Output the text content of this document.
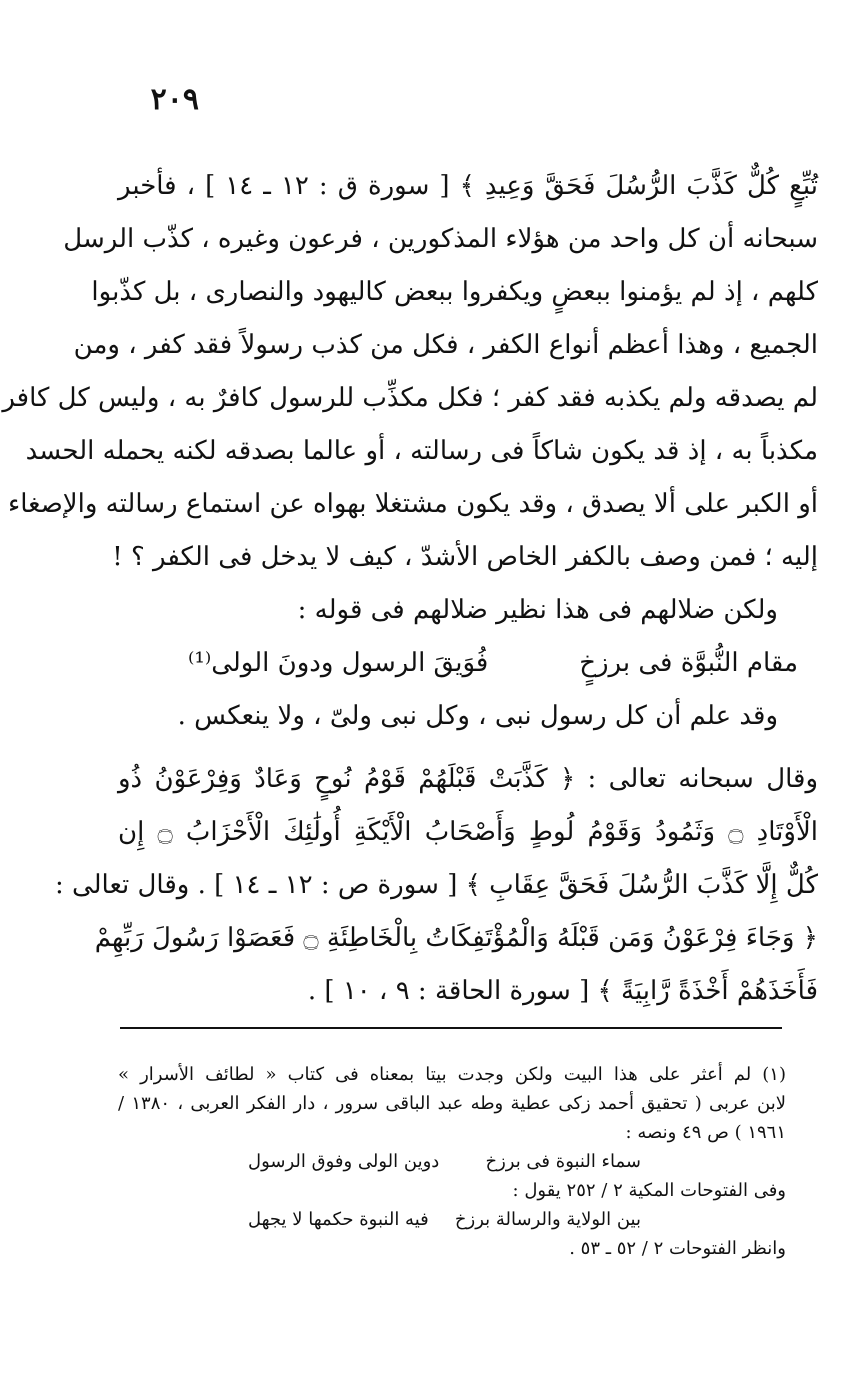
٢٠٩
تُبِّعٍ كُلٌّ كَذَّبَ الرُّسُلَ فَحَقَّ وَعِيدِ ﴾ [ سورة ق : ١٢ ـ ١٤ ] ، فأخبر
سبحانه أن كل واحد من هؤلاء المذكورين ، فرعون وغيره ، كذّب الرسل
كلهم ، إذ لم يؤمنوا ببعضٍ ويكفروا ببعض كاليهود والنصارى ، بل كذّبوا
الجميع ، وهذا أعظم أنواع الكفر ، فكل من كذب رسولاً فقد كفر ، ومن
لم يصدقه ولم يكذبه فقد كفر ؛ فكل مكذِّب للرسول كافرٌ به ، وليس كل كافر
مكذباً به ، إذ قد يكون شاكاً فى رسالته ، أو عالما بصدقه لكنه يحمله الحسد
أو الكبر على ألا يصدق ، وقد يكون مشتغلا بهواه عن استماع رسالته والإصغاء
إليه ؛ فمن وصف بالكفر الخاص الأشدّ ، كيف لا يدخل فى الكفر ؟ !
ولكن ضلالهم فى هذا نظير ضلالهم فى قوله :
مقام النُّبوَّة فى برزخٍ
فُوَيقَ الرسول ودونَ الولى⁽¹⁾
وقد علم أن كل رسول نبى ، وكل نبى ولىّ ، ولا ينعكس .
وقال سبحانه تعالى : ﴿ كَذَّبَتْ قَبْلَهُمْ قَوْمُ نُوحٍ وَعَادٌ وَفِرْعَوْنُ ذُو
الْأَوْتَادِ ۝ وَثَمُودُ وَقَوْمُ لُوطٍ وَأَصْحَابُ الْأَيْكَةِ أُولَٰئِكَ الْأَحْزَابُ ۝ إِن
كُلٌّ إِلَّا كَذَّبَ الرُّسُلَ فَحَقَّ عِقَابِ ﴾ [ سورة ص : ١٢ ـ ١٤ ] . وقال تعالى :
﴿ وَجَاءَ فِرْعَوْنُ وَمَن قَبْلَهُ وَالْمُؤْتَفِكَاتُ بِالْخَاطِئَةِ ۝ فَعَصَوْا رَسُولَ رَبِّهِمْ
فَأَخَذَهُمْ أَخْذَةً رَّابِيَةً ﴾ [ سورة الحاقة : ٩ ، ١٠ ] .
(١) لم أعثر على هذا البيت ولكن وجدت بيتا بمعناه فى كتاب « لطائف الأسرار »
لابن عربى ( تحقيق أحمد زكى عطية وطه عبد الباقى سرور ، دار الفكر العربى ، ١٣٨٠ /
١٩٦١ ) ص ٤٩ ونصه :
سماء النبوة فى برزخ
دوين الولى وفوق الرسول
وفى الفتوحات المكية ٢ / ٢٥٢ يقول :
بين الولاية والرسالة برزخ
فيه النبوة حكمها لا يجهل
وانظر الفتوحات ٢ / ٥٢ ـ ٥٣ .
